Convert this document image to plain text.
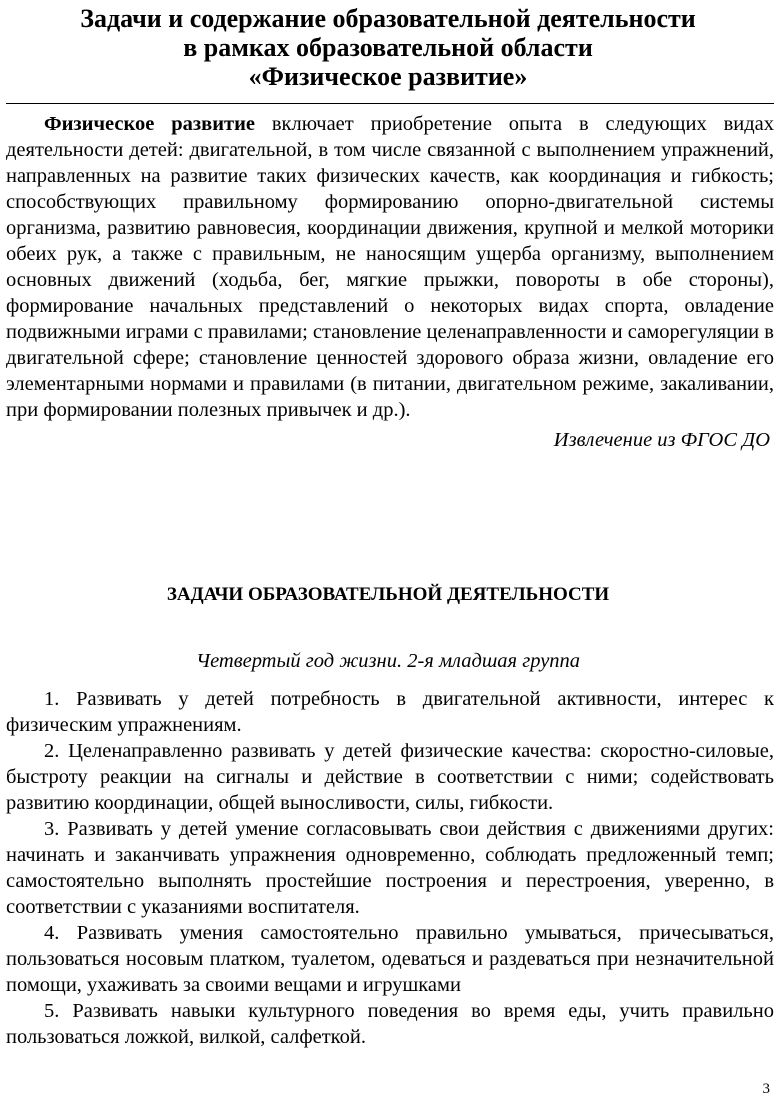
Задачи и содержание образовательной деятельности
в рамках образовательной области
«Физическое развитие»

Физическое развитие включает приобретение опыта в следующих видах деятельности детей: двигательной, в том числе связанной с выполнением упражнений, направленных на развитие таких физических качеств, как координация и гибкость; способствующих правильному формированию опорно-двигательной системы организма, развитию равновесия, координации движения, крупной и мелкой моторики обеих рук, а также с правильным, не наносящим ущерба организму, выполнением основных движений (ходьба, бег, мягкие прыжки, повороты в обе стороны), формирование начальных представлений о некоторых видах спорта, овладение подвижными играми с правилами; становление целенаправленности и саморегуляции в двигательной сфере; становление ценностей здорового образа жизни, овладение его элементарными нормами и правилами (в питании, двигательном режиме, закаливании, при формировании полезных привычек и др.).

Извлечение из ФГОС ДО

ЗАДАЧИ ОБРАЗОВАТЕЛЬНОЙ ДЕЯТЕЛЬНОСТИ

Четвертый год жизни. 2-я младшая группа

1. Развивать у детей потребность в двигательной активности, интерес к физическим упражнениям.
2. Целенаправленно развивать у детей физические качества: скоростно-силовые, быстроту реакции на сигналы и действие в соответствии с ними; содействовать развитию координации, общей выносливости, силы, гибкости.
3. Развивать у детей умение согласовывать свои действия с движениями других: начинать и заканчивать упражнения одновременно, соблюдать предложенный темп; самостоятельно выполнять простейшие построения и перестроения, уверенно, в соответствии с указаниями воспитателя.
4. Развивать умения самостоятельно правильно умываться, причесываться, пользоваться носовым платком, туалетом, одеваться и раздеваться при незначительной помощи, ухаживать за своими вещами и игрушками
5. Развивать навыки культурного поведения во время еды, учить правильно пользоваться ложкой, вилкой, салфеткой.
3
